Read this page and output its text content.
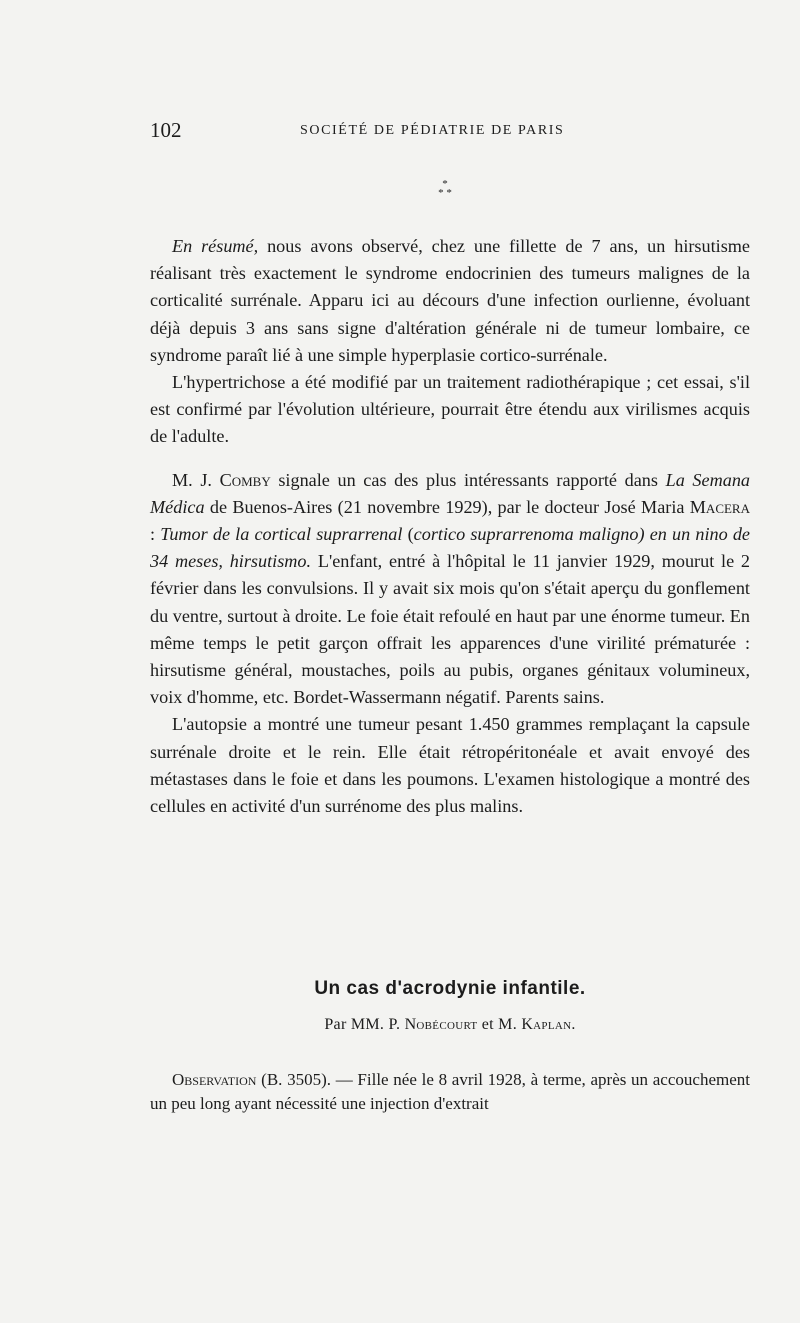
102	SOCIÉTÉ DE PÉDIATRIE DE PARIS
*
* *

En résumé, nous avons observé, chez une fillette de 7 ans, un hirsutisme réalisant très exactement le syndrome endocrinien des tumeurs malignes de la corticalité surrénale. Apparu ici au décours d'une infection ourlienne, évoluant déjà depuis 3 ans sans signe d'altération générale ni de tumeur lombaire, ce syndrome paraît lié à une simple hyperplasie cortico-surrénale.

L'hypertrichose a été modifié par un traitement radiothérapique ; cet essai, s'il est confirmé par l'évolution ultérieure, pourrait être étendu aux virilismes acquis de l'adulte.

M. J. Comby signale un cas des plus intéressants rapporté dans La Semana Médica de Buenos-Aires (21 novembre 1929), par le docteur José Maria Macera : Tumor de la cortical suprarrenal (cortico suprarrenoma maligno) en un nino de 34 meses, hirsutismo. L'enfant, entré à l'hôpital le 11 janvier 1929, mourut le 2 février dans les convulsions. Il y avait six mois qu'on s'était aperçu du gonflement du ventre, surtout à droite. Le foie était refoulé en haut par une énorme tumeur. En même temps le petit garçon offrait les apparences d'une virilité prématurée : hirsutisme général, moustaches, poils au pubis, organes génitaux volumineux, voix d'homme, etc. Bordet-Wassermann négatif. Parents sains.

L'autopsie a montré une tumeur pesant 1.450 grammes remplaçant la capsule surrénale droite et le rein. Elle était rétropéritonéale et avait envoyé des métastases dans le foie et dans les poumons. L'examen histologique a montré des cellules en activité d'un surrénome des plus malins.

Un cas d'acrodynie infantile.
Par MM. P. Nobécourt et M. Kaplan.

Observation (B. 3505). — Fille née le 8 avril 1928, à terme, après un accouchement un peu long ayant nécessité une injection d'extrait
